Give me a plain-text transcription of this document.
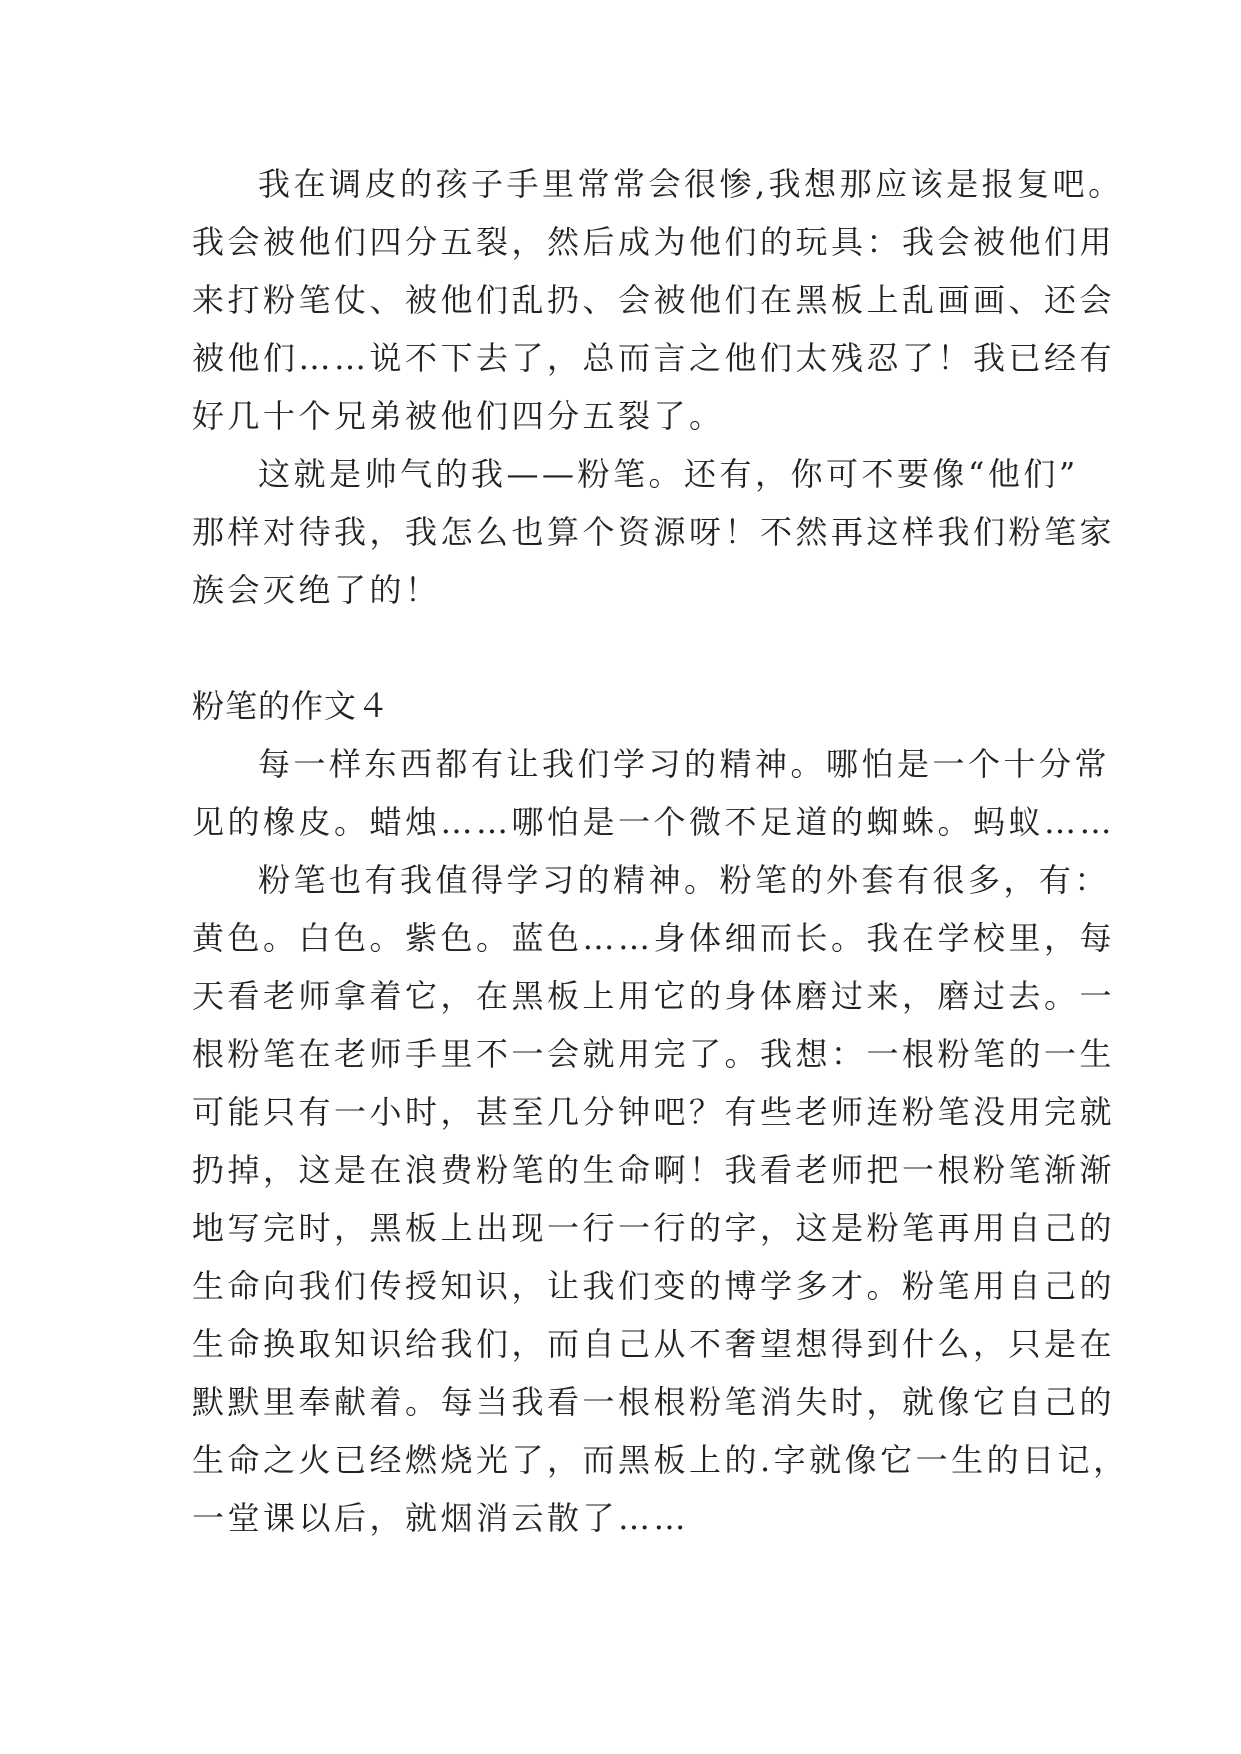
我在调皮的孩子手里常常会很惨,我想那应该是报复吧。
我会被他们四分五裂，然后成为他们的玩具：我会被他们用
来打粉笔仗、被他们乱扔、会被他们在黑板上乱画画、还会
被他们……说不下去了，总而言之他们太残忍了！我已经有
好几十个兄弟被他们四分五裂了。
这就是帅气的我——粉笔。还有，你可不要像“他们”
那样对待我，我怎么也算个资源呀！不然再这样我们粉笔家
族会灭绝了的！
粉笔的作文４
每一样东西都有让我们学习的精神。哪怕是一个十分常
见的橡皮。蜡烛……哪怕是一个微不足道的蜘蛛。蚂蚁……
粉笔也有我值得学习的精神。粉笔的外套有很多，有：
黄色。白色。紫色。蓝色……身体细而长。我在学校里，每
天看老师拿着它，在黑板上用它的身体磨过来，磨过去。一
根粉笔在老师手里不一会就用完了。我想：一根粉笔的一生
可能只有一小时，甚至几分钟吧？有些老师连粉笔没用完就
扔掉，这是在浪费粉笔的生命啊！我看老师把一根粉笔渐渐
地写完时，黑板上出现一行一行的字，这是粉笔再用自己的
生命向我们传授知识，让我们变的博学多才。粉笔用自己的
生命换取知识给我们，而自己从不奢望想得到什么，只是在
默默里奉献着。每当我看一根根粉笔消失时，就像它自己的
生命之火已经燃烧光了，而黑板上的.字就像它一生的日记，
一堂课以后，就烟消云散了……
